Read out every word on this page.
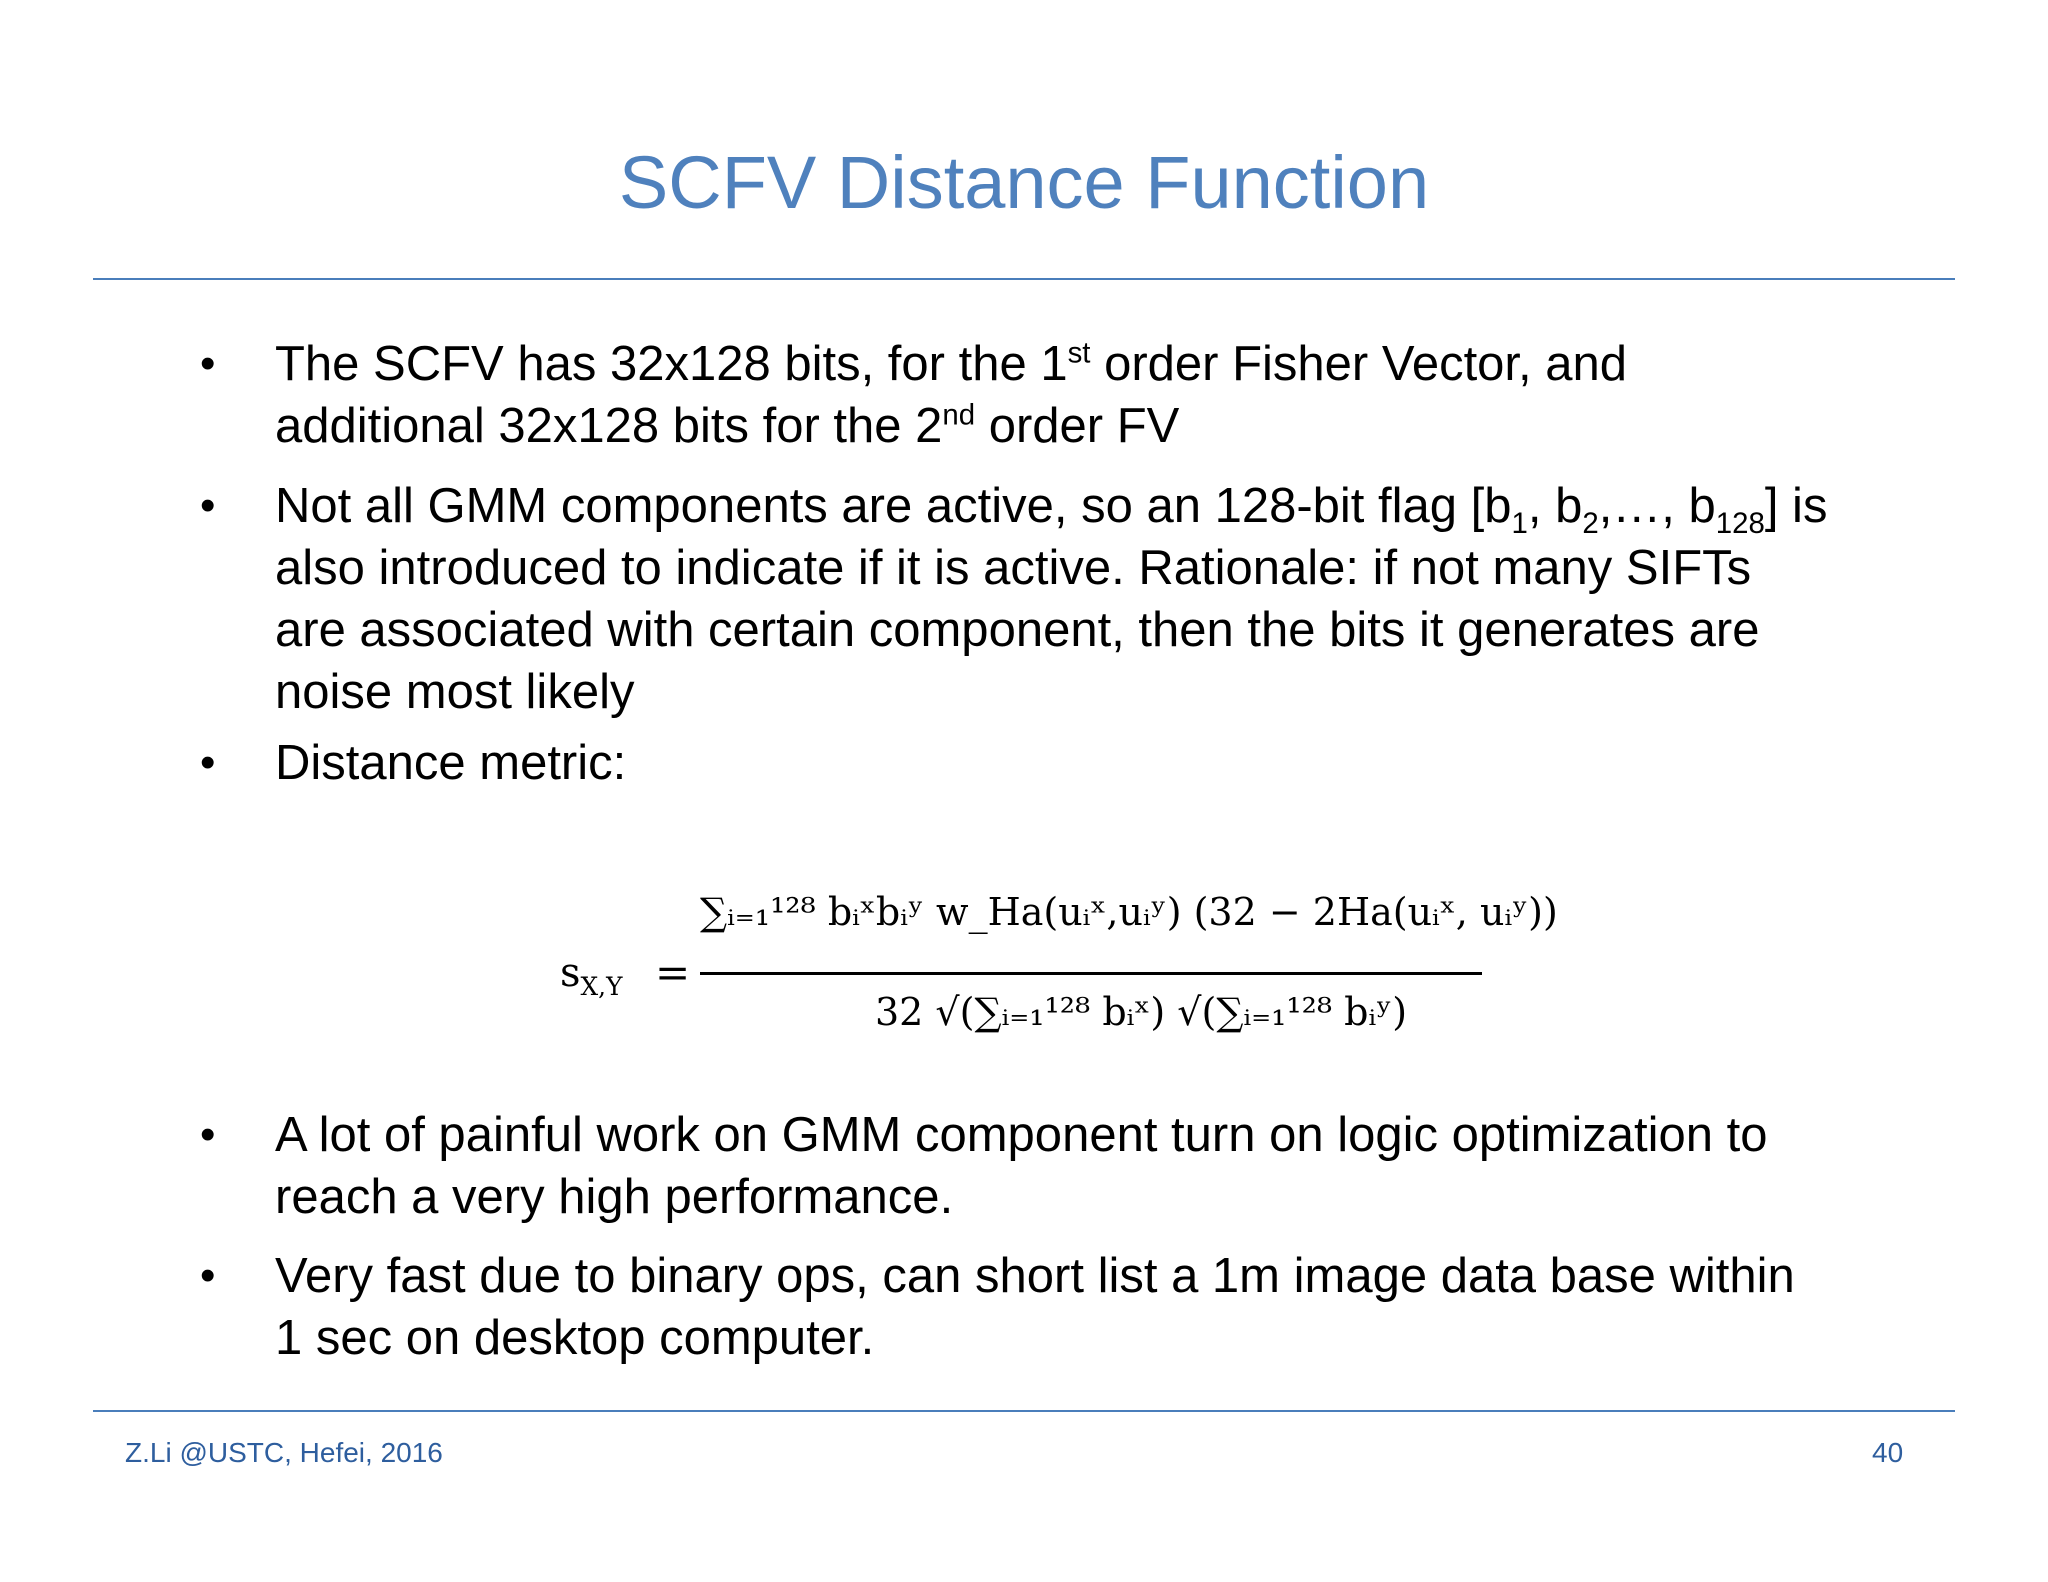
SCFV Distance Function
• The SCFV has 32x128 bits, for the 1st order Fisher Vector, and additional 32x128 bits for the 2nd order FV
• Not all GMM components are active, so an 128-bit flag [$b_1$, $b_2,\dots$, $b_{128}$] is also introduced to indicate if it is active. Rationale: if not many SIFTs are associated with certain component, then the bits it generates are noise most likely
• Distance metric:
• A lot of painful work on GMM component turn on logic optimization to reach a very high performance.
• Very fast due to binary ops, can short list a 1m image data base within 1 sec on desktop computer.
$s_{X,Y}$ =
∑ᵢ₌₁¹²⁸ bᵢˣbᵢʸ w_Ha(uᵢˣ,uᵢʸ) (32 − 2Ha(uᵢˣ, uᵢʸ))
32 √(∑ᵢ₌₁¹²⁸ bᵢˣ) √(∑ᵢ₌₁¹²⁸ bᵢʸ)
Z.Li @USTC, Hefei, 2016	40
